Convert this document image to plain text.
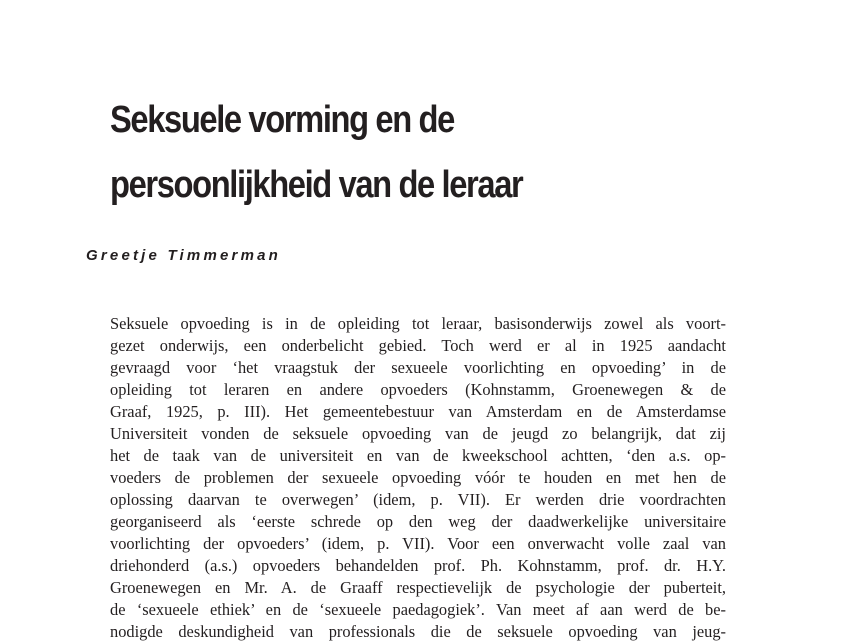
Seksuele vorming en de
persoonlijkheid van de leraar

Greetje Timmerman

Seksuele opvoeding is in de opleiding tot leraar, basisonderwijs zowel als voort-
gezet onderwijs, een onderbelicht gebied. Toch werd er al in 1925 aandacht
gevraagd voor ‘het vraagstuk der sexueele voorlichting en opvoeding’ in de
opleiding tot leraren en andere opvoeders (Kohnstamm, Groenewegen & de
Graaf, 1925, p. III). Het gemeentebestuur van Amsterdam en de Amsterdamse
Universiteit vonden de seksuele opvoeding van de jeugd zo belangrijk, dat zij
het de taak van de universiteit en van de kweekschool achtten, ‘den a.s. op-
voeders de problemen der sexueele opvoeding vóór te houden en met hen de
oplossing daarvan te overwegen’ (idem, p. VII). Er werden drie voordrachten
georganiseerd als ‘eerste schrede op den weg der daadwerkelijke universitaire
voorlichting der opvoeders’ (idem, p. VII). Voor een onverwacht volle zaal van
driehonderd (a.s.) opvoeders behandelden prof. Ph. Kohnstamm, prof. dr. H.Y.
Groenewegen en Mr. A. de Graaff respectievelijk de psychologie der puberteit,
de ‘sexueele ethiek’ en de ‘sexueele paedagogiek’. Van meet af aan werd de be-
nodigde deskundigheid van professionals die de seksuele opvoeding van jeug-
